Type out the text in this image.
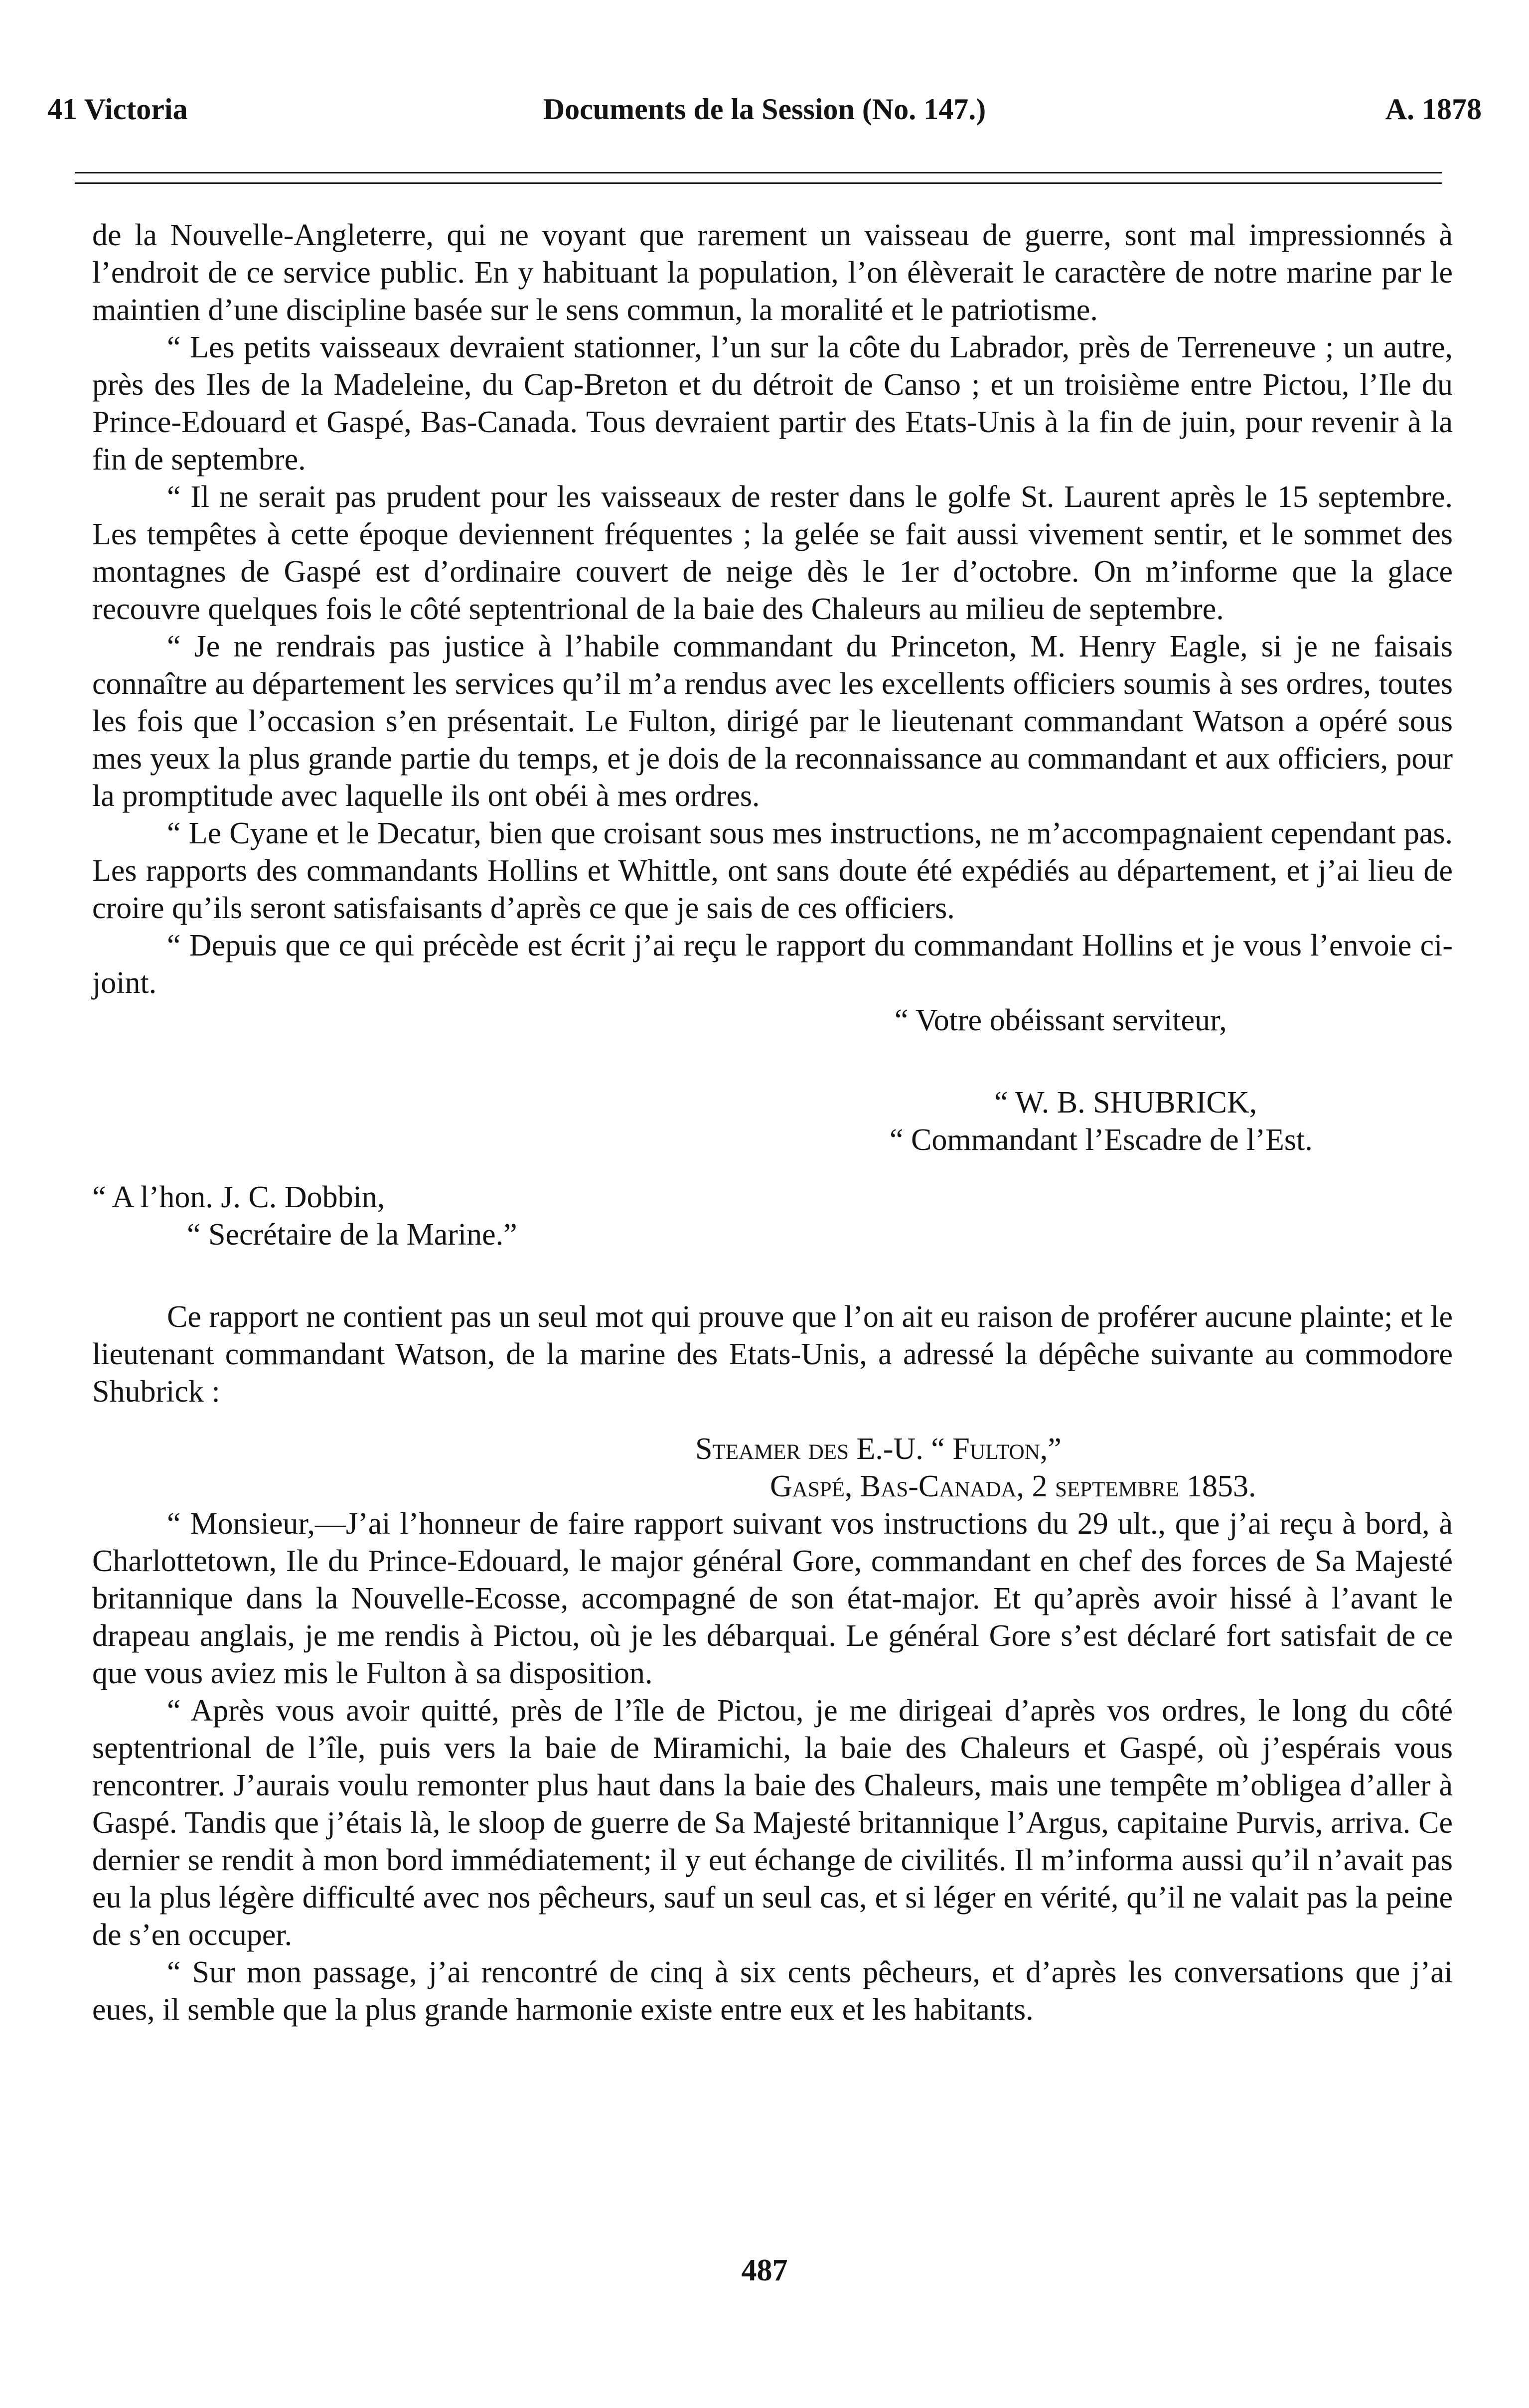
41 Victoria	Documents de la Session (No. 147.)	A. 1878

de la Nouvelle-Angleterre, qui ne voyant que rarement un vaisseau de guerre, sont mal impressionnés à l’endroit de ce service public. En y habituant la population, l’on élèverait le caractère de notre marine par le maintien d’une discipline basée sur le sens commun, la moralité et le patriotisme.

“ Les petits vaisseaux devraient stationner, l’un sur la côte du Labrador, près de Terreneuve ; un autre, près des Iles de la Madeleine, du Cap-Breton et du détroit de Canso ; et un troisième entre Pictou, l’Ile du Prince-Edouard et Gaspé, Bas-Canada. Tous devraient partir des Etats-Unis à la fin de juin, pour revenir à la fin de septembre.

“ Il ne serait pas prudent pour les vaisseaux de rester dans le golfe St. Laurent après le 15 septembre. Les tempêtes à cette époque deviennent fréquentes ; la gelée se fait aussi vivement sentir, et le sommet des montagnes de Gaspé est d’ordinaire couvert de neige dès le 1er d’octobre. On m’informe que la glace recouvre quelques fois le côté septentrional de la baie des Chaleurs au milieu de septembre.

“ Je ne rendrais pas justice à l’habile commandant du Princeton, M. Henry Eagle, si je ne faisais connaître au département les services qu’il m’a rendus avec les excellents officiers soumis à ses ordres, toutes les fois que l’occasion s’en présentait. Le Fulton, dirigé par le lieutenant commandant Watson a opéré sous mes yeux la plus grande partie du temps, et je dois de la reconnaissance au commandant et aux officiers, pour la promptitude avec laquelle ils ont obéi à mes ordres.

“ Le Cyane et le Decatur, bien que croisant sous mes instructions, ne m’accompagnaient cependant pas. Les rapports des commandants Hollins et Whittle, ont sans doute été expédiés au département, et j’ai lieu de croire qu’ils seront satisfaisants d’après ce que je sais de ces officiers.

“ Depuis que ce qui précède est écrit j’ai reçu le rapport du commandant Hollins et je vous l’envoie ci-joint.

“ Votre obéissant serviteur,

“ W. B. SHUBRICK,

“ Commandant l’Escadre de l’Est.

“ A l’hon. J. C. Dobbin,

“ Secrétaire de la Marine.”

Ce rapport ne contient pas un seul mot qui prouve que l’on ait eu raison de proférer aucune plainte; et le lieutenant commandant Watson, de la marine des Etats-Unis, a adressé la dépêche suivante au commodore Shubrick :

Steamer des E.-U. “ Fulton,”

Gaspé, Bas-Canada, 2 septembre 1853.

“ Monsieur,—J’ai l’honneur de faire rapport suivant vos instructions du 29 ult., que j’ai reçu à bord, à Charlottetown, Ile du Prince-Edouard, le major général Gore, commandant en chef des forces de Sa Majesté britannique dans la Nouvelle-Ecosse, accompagné de son état-major. Et qu’après avoir hissé à l’avant le drapeau anglais, je me rendis à Pictou, où je les débarquai. Le général Gore s’est déclaré fort satisfait de ce que vous aviez mis le Fulton à sa disposition.

“ Après vous avoir quitté, près de l’île de Pictou, je me dirigeai d’après vos ordres, le long du côté septentrional de l’île, puis vers la baie de Miramichi, la baie des Chaleurs et Gaspé, où j’espérais vous rencontrer. J’aurais voulu remonter plus haut dans la baie des Chaleurs, mais une tempête m’obligea d’aller à Gaspé. Tandis que j’étais là, le sloop de guerre de Sa Majesté britannique l’Argus, capitaine Purvis, arriva. Ce dernier se rendit à mon bord immédiatement; il y eut échange de civilités. Il m’informa aussi qu’il n’avait pas eu la plus légère difficulté avec nos pêcheurs, sauf un seul cas, et si léger en vérité, qu’il ne valait pas la peine de s’en occuper.

“ Sur mon passage, j’ai rencontré de cinq à six cents pêcheurs, et d’après les conversations que j’ai eues, il semble que la plus grande harmonie existe entre eux et les habitants.

487
